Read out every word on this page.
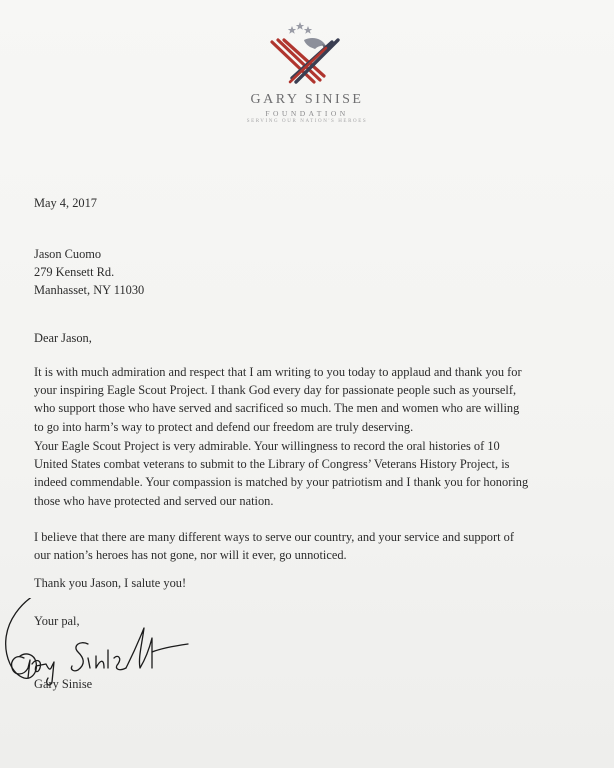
GARY SINISE
FOUNDATION
SERVING OUR NATION'S HEROES
May 4, 2017
Jason Cuomo
279 Kensett Rd.
Manhasset, NY 11030
Dear Jason,
It is with much admiration and respect that I am writing to you today to applaud and thank you for
your inspiring Eagle Scout Project. I thank God every day for passionate people such as yourself,
who support those who have served and sacrificed so much. The men and women who are willing
to go into harm’s way to protect and defend our freedom are truly deserving.
Your Eagle Scout Project is very admirable. Your willingness to record the oral histories of 10
United States combat veterans to submit to the Library of Congress’ Veterans History Project, is
indeed commendable. Your compassion is matched by your patriotism and I thank you for honoring
those who have protected and served our nation.
I believe that there are many different ways to serve our country, and your service and support of
our nation’s heroes has not gone, nor will it ever, go unnoticed.
Thank you Jason, I salute you!
Your pal,
Gary Sinise
